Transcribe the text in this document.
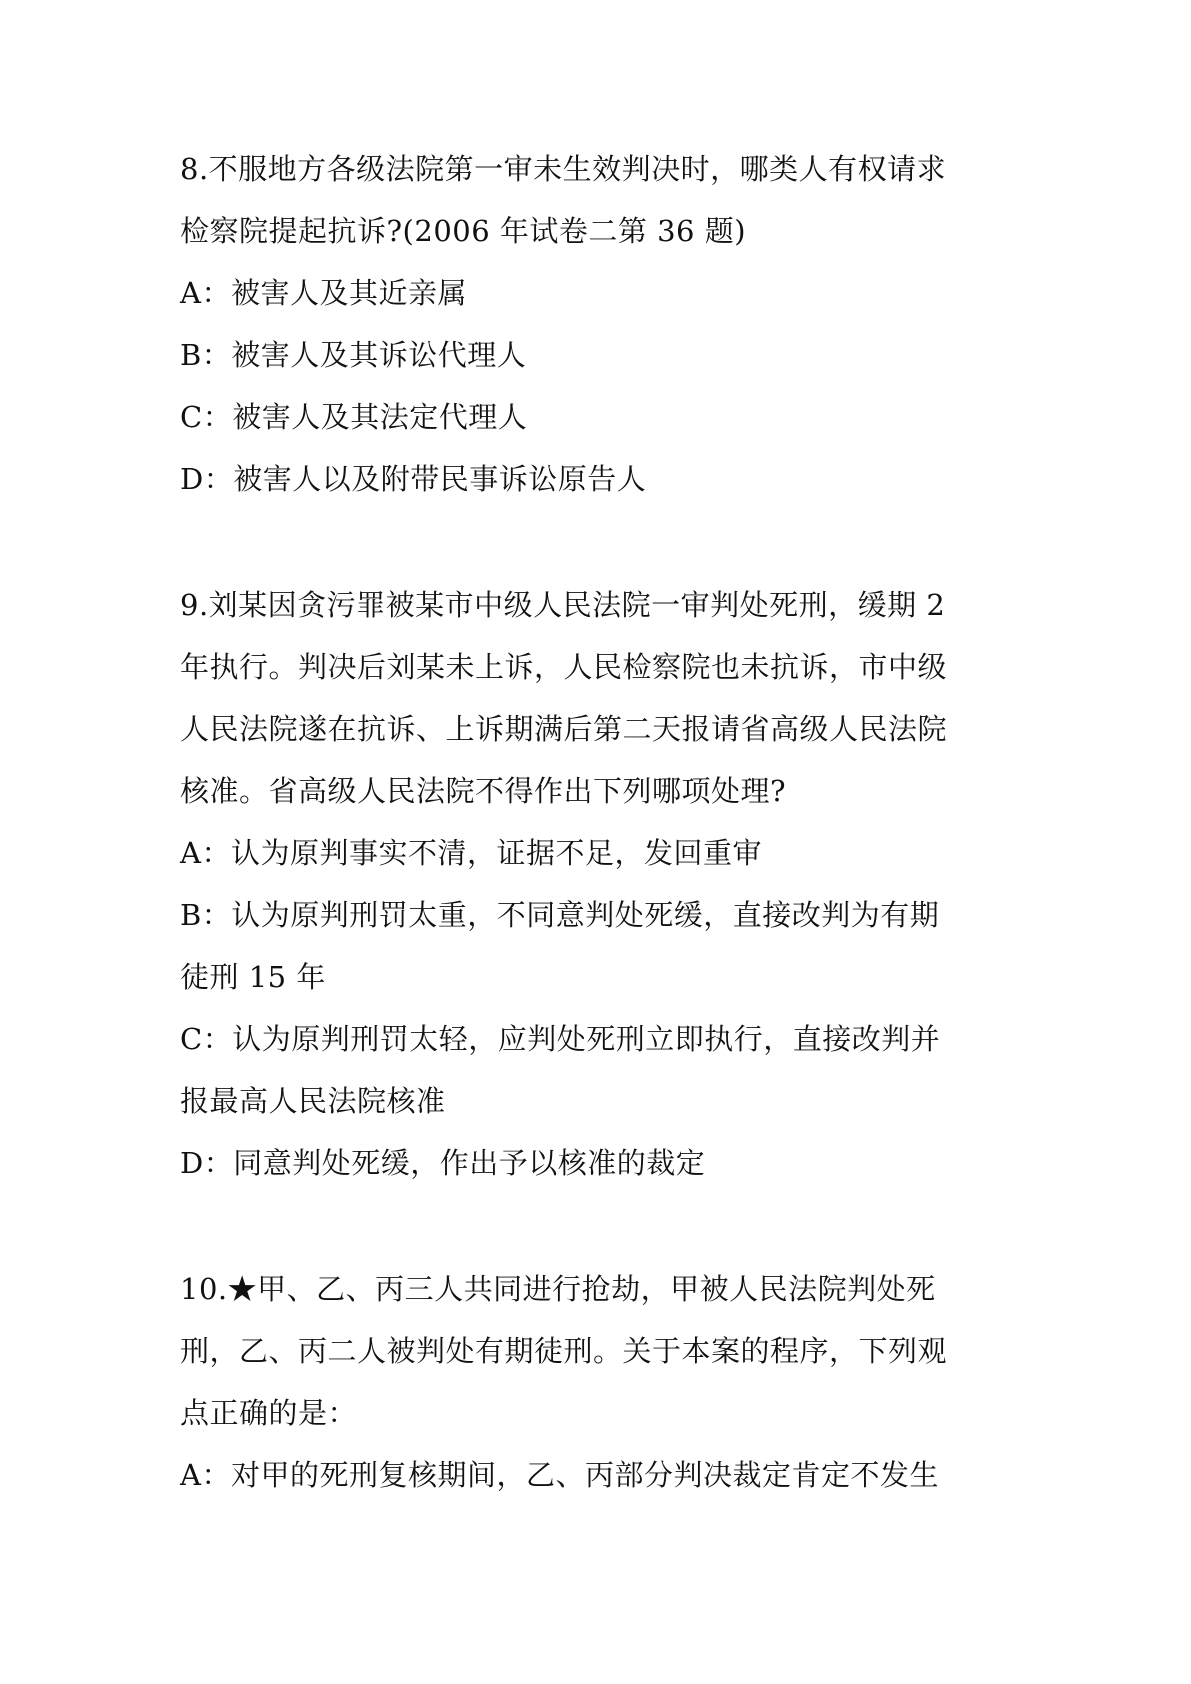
8.不服地方各级法院第一审未生效判决时，哪类人有权请求
检察院提起抗诉?(2006 年试卷二第 36 题)
A：被害人及其近亲属
B：被害人及其诉讼代理人
C：被害人及其法定代理人
D：被害人以及附带民事诉讼原告人
9.刘某因贪污罪被某市中级人民法院一审判处死刑，缓期 2
年执行。判决后刘某未上诉，人民检察院也未抗诉，市中级
人民法院遂在抗诉、上诉期满后第二天报请省高级人民法院
核准。省高级人民法院不得作出下列哪项处理?
A：认为原判事实不清，证据不足，发回重审
B：认为原判刑罚太重，不同意判处死缓，直接改判为有期
徒刑 15 年
C：认为原判刑罚太轻，应判处死刑立即执行，直接改判并
报最高人民法院核准
D：同意判处死缓，作出予以核准的裁定
10.★甲、乙、丙三人共同进行抢劫，甲被人民法院判处死
刑，乙、丙二人被判处有期徒刑。关于本案的程序，下列观
点正确的是：
A：对甲的死刑复核期间，乙、丙部分判决裁定肯定不发生
